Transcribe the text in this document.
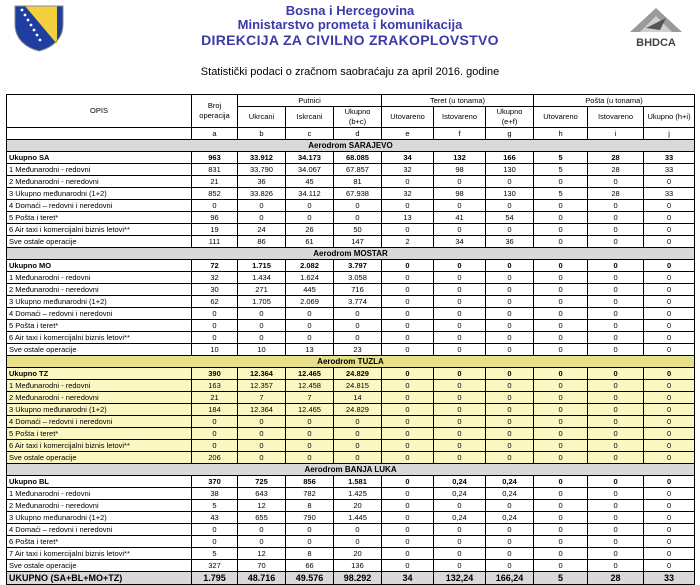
Bosna i Hercegovina
Ministarstvo prometa i komunikacija
DIREKCIJA ZA CIVILNO ZRAKOPLOVSTVO	BHDCA
Statistički podaci o zračnom saobraćaju za april 2016. godine
OPIS	Broj operacija	Putnici			Teret (u tonama)			Pošta (u tonama)		
		Ukrcani	Iskrcani	Ukupno (b+c)	Utovareno	Istovareno	Ukupno (e+f)	Utovareno	Istovareno	Ukupno (h+i)
	a	b	c	d	e	f	g	h	i	j
Aerodrom SARAJEVO										
Ukupno SA	963	33.912	34.173	68.085	34	132	166	5	28	33
1 Međunarodni - redovni	831	33.790	34.067	67.857	32	98	130	5	28	33
2 Međunarodni - neredovni	21	36	45	81	0	0	0	0	0	0
3 Ukupno međunarodni (1+2)	852	33.826	34.112	67.938	32	98	130	5	28	33
4 Domaći – redovni i neredovni	0	0	0	0	0	0	0	0	0	0
5 Pošta i teret*	96	0	0	0	13	41	54	0	0	0
6 Air taxi i komercijalni biznis letovi**	19	24	26	50	0	0	0	0	0	0
Sve ostale operacije	111	86	61	147	2	34	36	0	0	0
Aerodrom MOSTAR										
Ukupno MO	72	1.715	2.082	3.797	0	0	0	0	0	0
1 Međunarodni - redovni	32	1.434	1.624	3.058	0	0	0	0	0	0
2 Međunarodni - neredovni	30	271	445	716	0	0	0	0	0	0
3 Ukupno međunarodni (1+2)	62	1.705	2.069	3.774	0	0	0	0	0	0
4 Domaći – redovni i neredovni	0	0	0	0	0	0	0	0	0	0
5 Pošta i teret*	0	0	0	0	0	0	0	0	0	0
6 Air taxi i komercijalni biznis letovi**	0	0	0	0	0	0	0	0	0	0
Sve ostale operacije	10	10	13	23	0	0	0	0	0	0
Aerodrom TUZLA										
Ukupno TZ	390	12.364	12.465	24.829	0	0	0	0	0	0
1 Međunarodni - redovni	163	12.357	12.458	24.815	0	0	0	0	0	0
2 Međunarodni - neredovni	21	7	7	14	0	0	0	0	0	0
3 Ukupno međunarodni (1+2)	184	12.364	12.465	24.829	0	0	0	0	0	0
4 Domaći – redovni i neredovni	0	0	0	0	0	0	0	0	0	0
5 Pošta i teret*	0	0	0	0	0	0	0	0	0	0
6 Air taxi i komercijalni biznis letovi**	0	0	0	0	0	0	0	0	0	0
Sve ostale operacije	206	0	0	0	0	0	0	0	0	0
Aerodrom BANJA LUKA										
Ukupno BL	370	725	856	1.581	0	0,24	0,24	0	0	0
1 Međunarodni - redovni	38	643	782	1.425	0	0,24	0,24	0	0	0
2 Međunarodni - neredovni	5	12	8	20	0	0	0	0	0	0
3 Ukupno međunarodni (1+2)	43	655	790	1.445	0	0,24	0,24	0	0	0
4 Domaći – redovni i neredovni	0	0	0	0	0	0	0	0	0	0
6 Pošta i teret*	0	0	0	0	0	0	0	0	0	0
7 Air taxi i komercijalni biznis letovi**	5	12	8	20	0	0	0	0	0	0
Sve ostale operacije	327	70	66	136	0	0	0	0	0	0
UKUPNO (SA+BL+MO+TZ)	1.795	48.716	49.576	98.292	34	132,24	166,24	5	28	33
